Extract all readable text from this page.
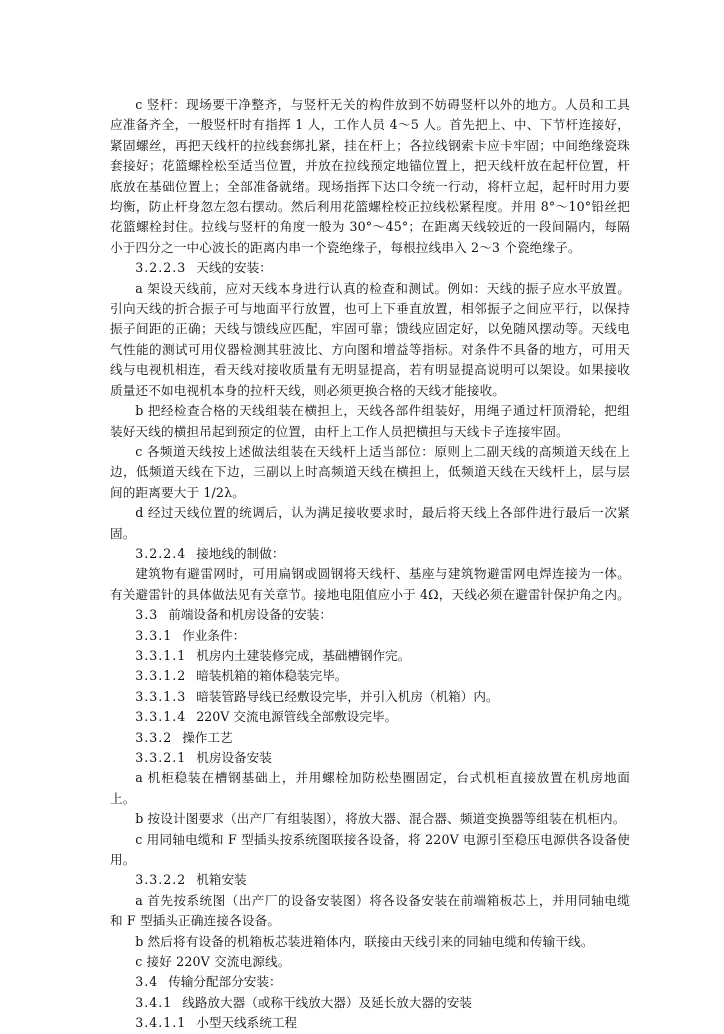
c 竖杆：现场要干净整齐，与竖杆无关的构件放到不妨碍竖杆以外的地方。人员和工具应准备齐全，一般竖杆时有指挥 1 人，工作人员 4～5 人。首先把上、中、下节杆连接好，紧固螺丝，再把天线杆的拉线套绑扎紧，挂在杆上；各拉线钢索卡应卡牢固；中间绝缘瓷珠套接好；花篮螺栓松至适当位置，并放在拉线预定地锚位置上，把天线杆放在起杆位置，杆底放在基础位置上；全部准备就绪。现场指挥下达口令统一行动，将杆立起，起杆时用力要均衡，防止杆身忽左忽右摆动。然后利用花篮螺栓校正拉线松紧程度。并用 8°～10°铅丝把花篮螺栓封住。拉线与竖杆的角度一般为 30°～45°；在距离天线较近的一段间隔内，每隔小于四分之一中心波长的距离内串一个瓷绝缘子，每根拉线串入 2～3 个瓷绝缘子。

3.2.2.3 天线的安装：

a 架设天线前，应对天线本身进行认真的检查和测试。例如：天线的振子应水平放置。引向天线的折合振子可与地面平行放置，也可上下垂直放置，相邻振子之间应平行，以保持振子间距的正确；天线与馈线应匹配，牢固可靠；馈线应固定好，以免随风摆动等。天线电气性能的测试可用仪器检测其驻波比、方向图和增益等指标。对条件不具备的地方，可用天线与电视机相连，看天线对接收质量有无明显提高，若有明显提高说明可以架设。如果接收质量还不如电视机本身的拉杆天线，则必须更换合格的天线才能接收。

b 把经检查合格的天线组装在横担上，天线各部件组装好，用绳子通过杆顶滑轮，把组装好天线的横担吊起到预定的位置，由杆上工作人员把横担与天线卡子连接牢固。

c 各频道天线按上述做法组装在天线杆上适当部位：原则上二副天线的高频道天线在上边，低频道天线在下边，三副以上时高频道天线在横担上，低频道天线在天线杆上，层与层间的距离要大于 1/2λ。

d 经过天线位置的统调后，认为满足接收要求时，最后将天线上各部件进行最后一次紧固。

3.2.2.4 接地线的制做：

建筑物有避雷网时，可用扁钢或圆钢将天线杆、基座与建筑物避雷网电焊连接为一体。有关避雷针的具体做法见有关章节。接地电阻值应小于 4Ω，天线必须在避雷针保护角之内。

3.3 前端设备和机房设备的安装：

3.3.1 作业条件：

3.3.1.1 机房内土建装修完成，基础槽钢作完。

3.3.1.2 暗装机箱的箱体稳装完毕。

3.3.1.3 暗装管路导线已经敷设完毕，并引入机房（机箱）内。

3.3.1.4 220V 交流电源管线全部敷设完毕。

3.3.2 操作工艺

3.3.2.1 机房设备安装

a 机柜稳装在槽钢基础上，并用螺栓加防松垫圈固定，台式机柜直接放置在机房地面上。

b 按设计图要求（出产厂有组装图），将放大器、混合器、频道变换器等组装在机柜内。

c 用同轴电缆和 F 型插头按系统图联接各设备，将 220V 电源引至稳压电源供各设备使用。

3.3.2.2 机箱安装

a 首先按系统图（出产厂的设备安装图）将各设备安装在前端箱板芯上，并用同轴电缆和 F 型插头正确连接各设备。

b 然后将有设备的机箱板芯装进箱体内，联接由天线引来的同轴电缆和传输干线。

c 接好 220V 交流电源线。

3.4 传输分配部分安装：

3.4.1 线路放大器（或称干线放大器）及延长放大器的安装

3.4.1.1 小型天线系统工程
